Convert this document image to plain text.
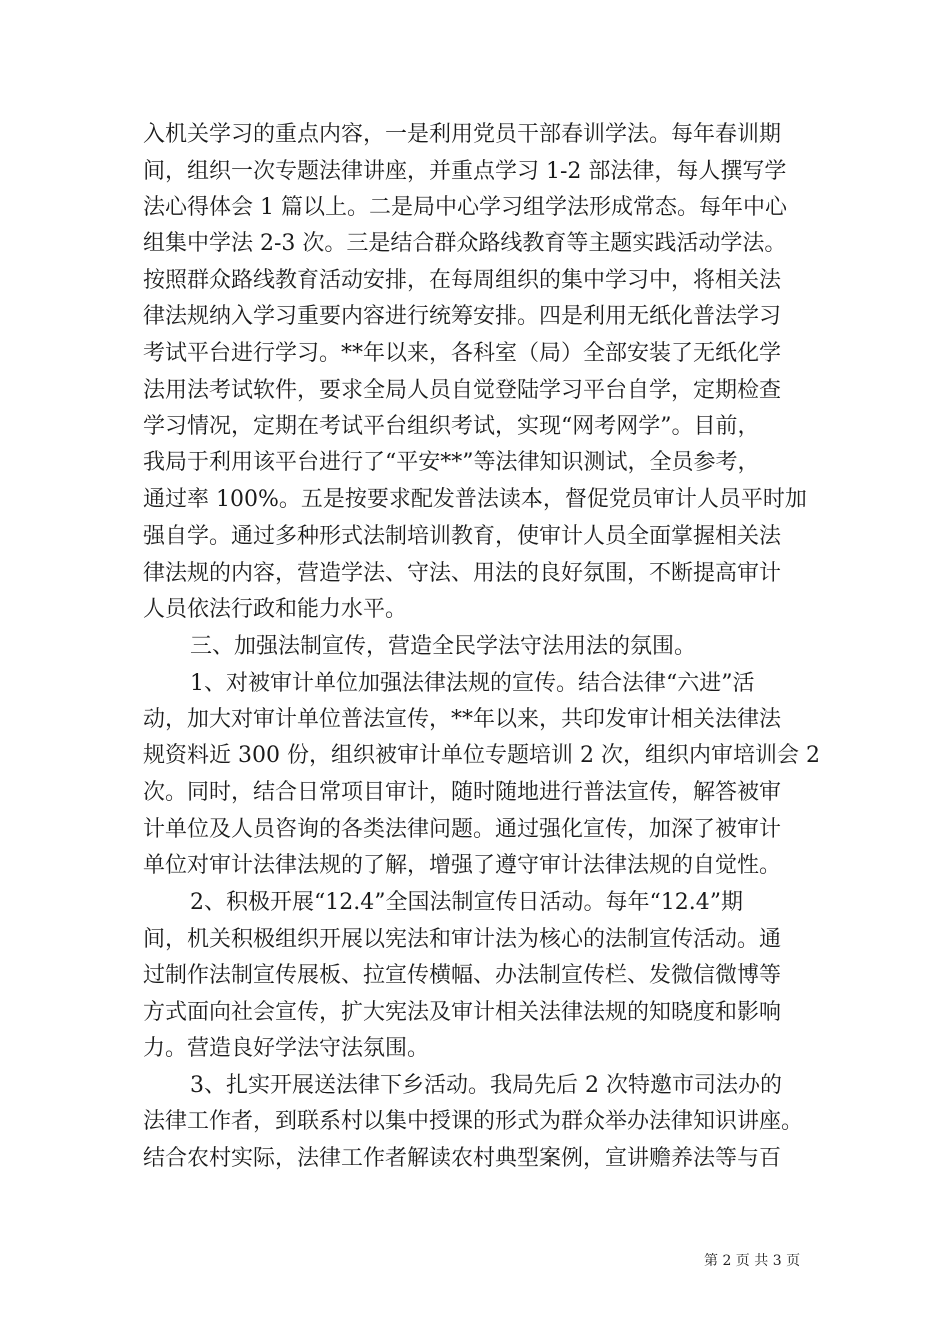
入机关学习的重点内容，一是利用党员干部春训学法。每年春训期
间，组织一次专题法律讲座，并重点学习 1-2 部法律，每人撰写学
法心得体会 1 篇以上。二是局中心学习组学法形成常态。每年中心
组集中学法 2-3 次。三是结合群众路线教育等主题实践活动学法。
按照群众路线教育活动安排，在每周组织的集中学习中，将相关法
律法规纳入学习重要内容进行统筹安排。四是利用无纸化普法学习
考试平台进行学习。**年以来，各科室（局）全部安装了无纸化学
法用法考试软件，要求全局人员自觉登陆学习平台自学，定期检查
学习情况，定期在考试平台组织考试，实现“网考网学”。目前，
我局于利用该平台进行了“平安**”等法律知识测试，全员参考，
通过率 100%。五是按要求配发普法读本，督促党员审计人员平时加
强自学。通过多种形式法制培训教育，使审计人员全面掌握相关法
律法规的内容，营造学法、守法、用法的良好氛围，不断提高审计
人员依法行政和能力水平。
三、加强法制宣传，营造全民学法守法用法的氛围。
1、对被审计单位加强法律法规的宣传。结合法律“六进”活
动，加大对审计单位普法宣传，**年以来，共印发审计相关法律法
规资料近 300 份，组织被审计单位专题培训 2 次，组织内审培训会 2
次。同时，结合日常项目审计，随时随地进行普法宣传，解答被审
计单位及人员咨询的各类法律问题。通过强化宣传，加深了被审计
单位对审计法律法规的了解，增强了遵守审计法律法规的自觉性。
2、积极开展“12.4”全国法制宣传日活动。每年“12.4”期
间，机关积极组织开展以宪法和审计法为核心的法制宣传活动。通
过制作法制宣传展板、拉宣传横幅、办法制宣传栏、发微信微博等
方式面向社会宣传，扩大宪法及审计相关法律法规的知晓度和影响
力。营造良好学法守法氛围。
3、扎实开展送法律下乡活动。我局先后 2 次特邀市司法办的
法律工作者，到联系村以集中授课的形式为群众举办法律知识讲座。
结合农村实际，法律工作者解读农村典型案例，宣讲赡养法等与百
第 2 页 共 3 页
